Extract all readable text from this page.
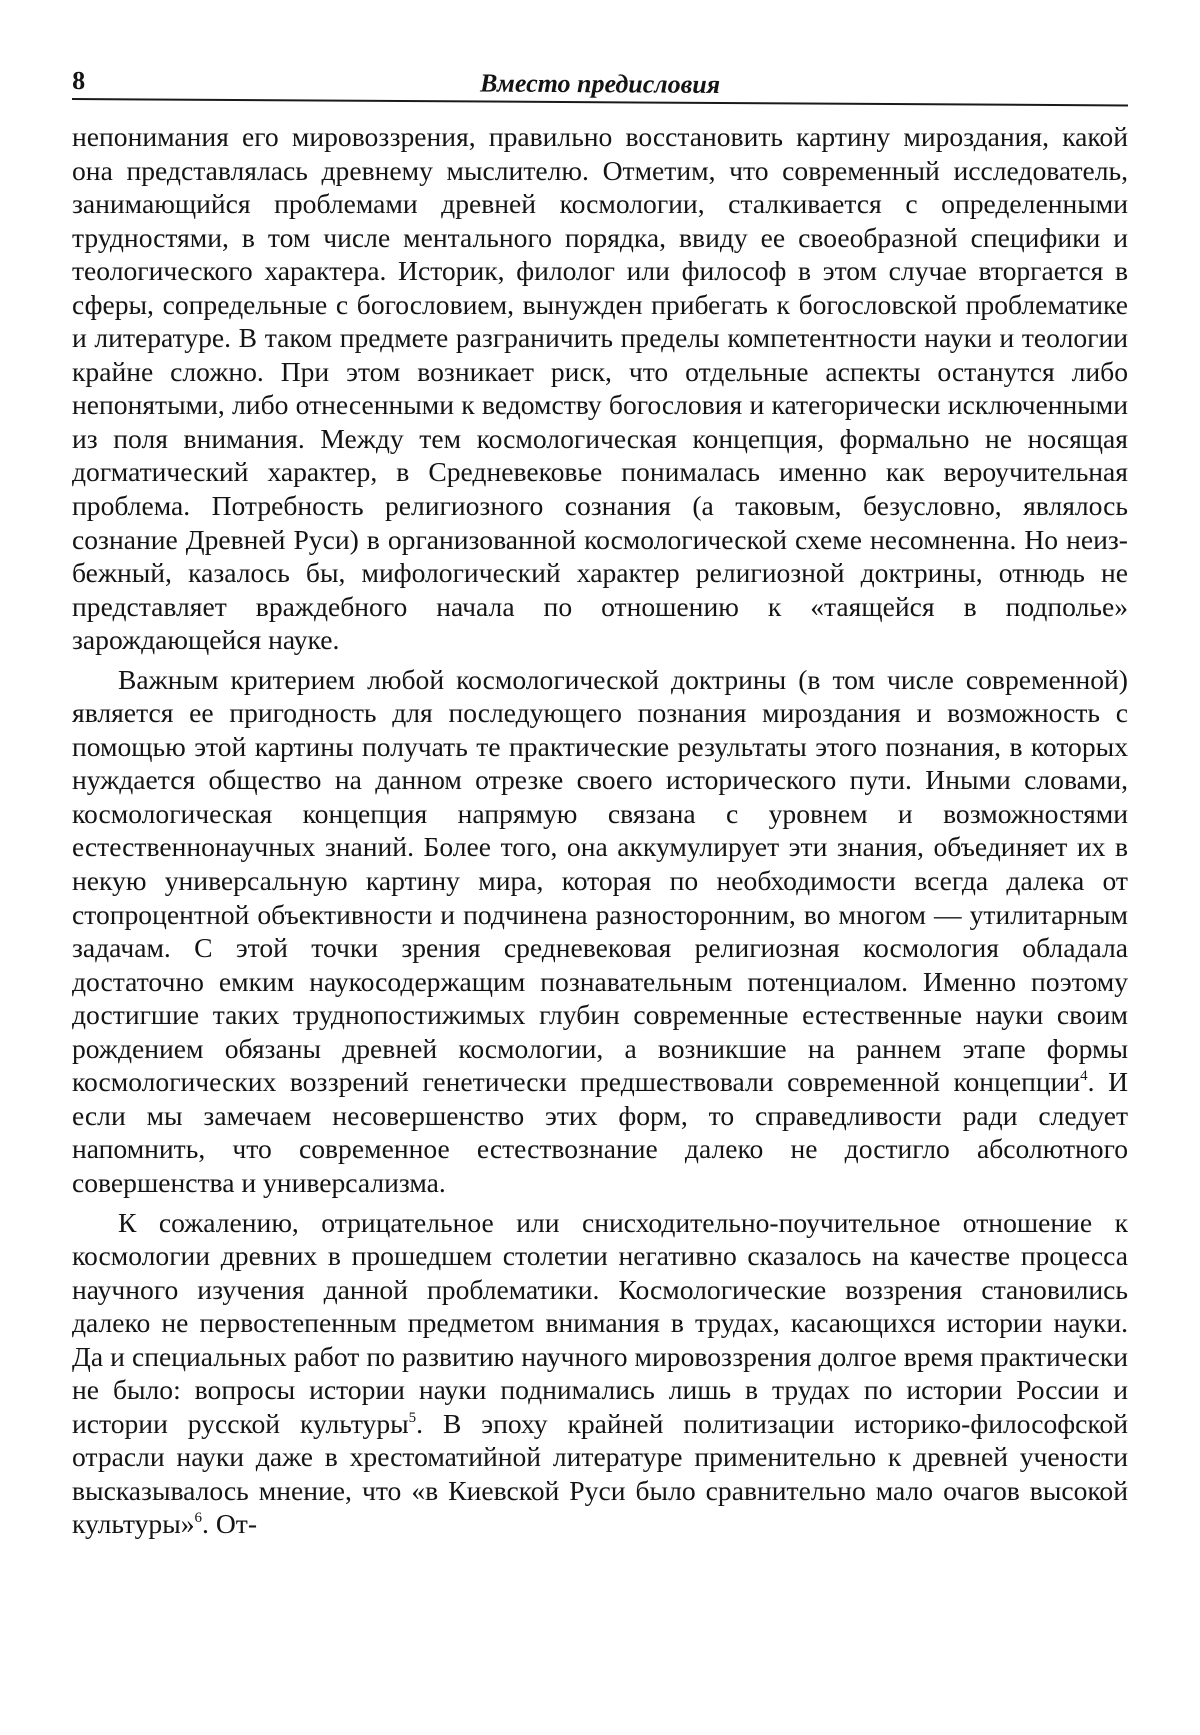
8	Вместо предисловия

непонимания его мировоззрения, правильно восстановить картину мироздания, какой она представлялась древнему мыслителю. Отметим, что современный исследователь, занимающийся проблемами древней космологии, сталкивается с определенными трудностями, в том числе ментального порядка, ввиду ее своеобразной специфики и теологического характера. Историк, филолог или философ в этом случае вторгается в сферы, сопредельные с богословием, вынужден прибегать к богословской проблематике и литературе. В таком предмете разграничить пределы компетентности науки и теологии крайне сложно. При этом возникает риск, что отдельные аспекты останутся либо непонятыми, либо отнесенными к ведомству богословия и категорически исключенными из поля внимания. Между тем космологическая концепция, формально не носящая догматический характер, в Средневековье понималась именно как вероучительная проблема. Потребность религиозного сознания (а таковым, безусловно, являлось сознание Древней Руси) в организованной космологической схеме несомненна. Но неизбежный, казалось бы, мифологический характер религиозной доктрины, отнюдь не представляет враждебного начала по отношению к «таящейся в подполье» зарождающейся науке.

Важным критерием любой космологической доктрины (в том числе современной) является ее пригодность для последующего познания мироздания и возможность с помощью этой картины получать те практические результаты этого познания, в которых нуждается общество на данном отрезке своего исторического пути. Иными словами, космологическая концепция напрямую связана с уровнем и возможностями естественнонаучных знаний. Более того, она аккумулирует эти знания, объединяет их в некую универсальную картину мира, которая по необходимости всегда далека от стопроцентной объективности и подчинена разносторонним, во многом — утилитарным задачам. С этой точки зрения средневековая религиозная космология обладала достаточно емким наукосодержащим познавательным потенциалом. Именно поэтому достигшие таких труднопостижимых глубин современные естественные науки своим рождением обязаны древней космологии, а возникшие на раннем этапе формы космологических воззрений генетически предшествовали современной концепции$^4$. И если мы замечаем несовершенство этих форм, то справедливости ради следует напомнить, что современное естествознание далеко не достигло абсолютного совершенства и универсализма.

К сожалению, отрицательное или снисходительно-поучительное отношение к космологии древних в прошедшем столетии негативно сказалось на качестве процесса научного изучения данной проблематики. Космологические воззрения становились далеко не первостепенным предметом внимания в трудах, касающихся истории науки. Да и специальных работ по развитию научного мировоззрения долгое время практически не было: вопросы истории науки поднимались лишь в трудах по истории России и истории русской культуры$^5$. В эпоху крайней политизации историко-философской отрасли науки даже в хрестоматийной литературе применительно к древней учености высказывалось мнение, что «в Киевской Руси было сравнительно мало очагов высокой культуры»$^6$. От-
